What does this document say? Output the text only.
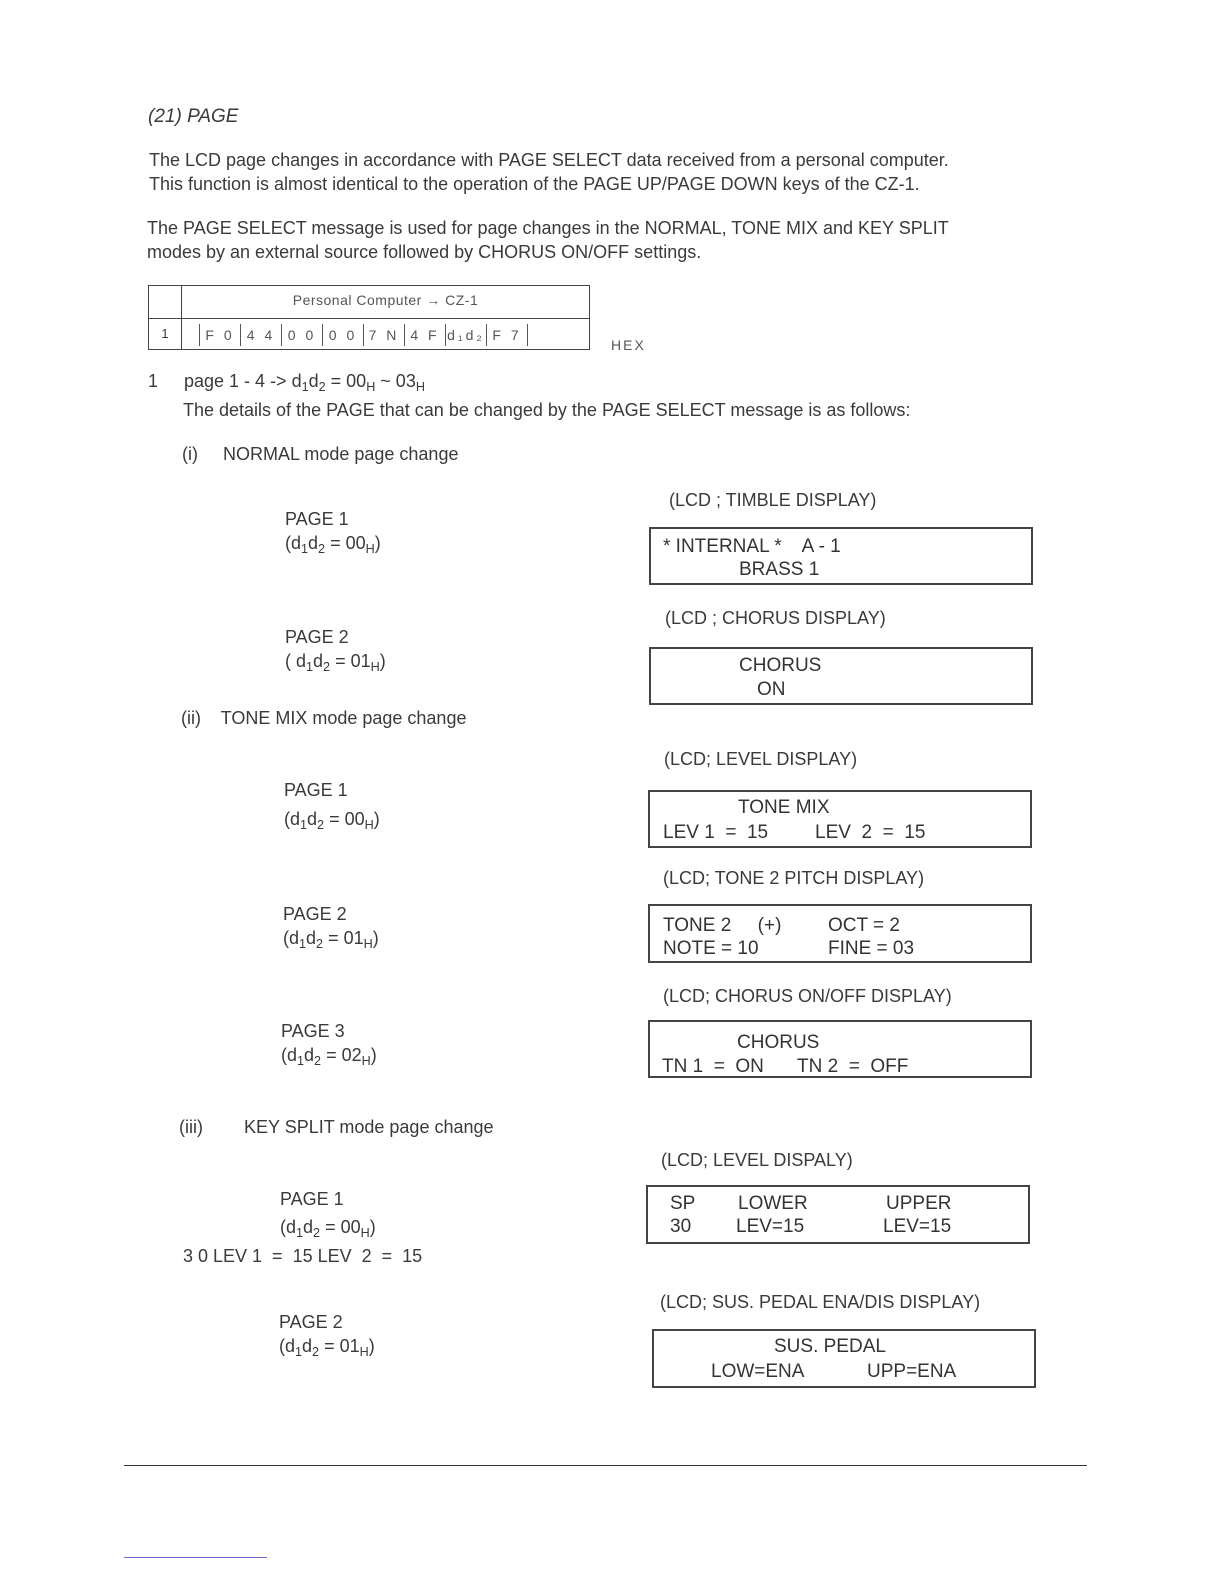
(21) PAGE
The LCD page changes in accordance with PAGE SELECT data received from a personal computer.
This function is almost identical to the operation of the PAGE UP/PAGE DOWN keys of the CZ-1.
The PAGE SELECT message is used for page changes in the NORMAL, TONE MIX and KEY SPLIT
modes by an external source followed by CHORUS ON/OFF settings.
Personal Computer → CZ-1
1	F 0 4 4 0 0 0 0 7 N 4 F d₁d₂ F 7
HEX
1 page $1 - 4 -> d_1d_2 = 00_H$ ~ $03_H$
The details of the PAGE that can be changed by the PAGE SELECT message is as follows:
(i)     NORMAL mode page change
PAGE 1
$(d_1d_2 = 00_H)$
(LCD ; TIMBLE DISPLAY)
* INTERNAL *    A - 1
BRASS 1
PAGE 2
( $d_1d_2 = 01_H$)
(LCD ; CHORUS DISPLAY)
CHORUS
ON
(ii)    TONE MIX mode page change
(LCD; LEVEL DISPLAY)
PAGE 1
$(d_1d_2 = 00_H)$
TONE MIX
LEV 1  =  15 LEV  2  =  15
(LCD; TONE 2 PITCH DISPLAY)
PAGE 2
$(d_1d_2 = 01_H)$
TONE 2     (+) OCT = 2
NOTE = 10	FINE = 03
(LCD; CHORUS ON/OFF DISPLAY)
PAGE 3
$(d_1d_2 = 02_H)$
CHORUS
TN 1  =  ON TN 2  =  OFF
(iii) KEY SPLIT mode page change
(LCD; LEVEL DISPALY)
PAGE 1
$(d_1d_2 = 00_H)$
3 0 LEV 1  =  15 LEV  2  =  15
SP LOWER	UPPER
30 LEV=15	LEV=15
(LCD; SUS. PEDAL ENA/DIS DISPLAY)
PAGE 2
$(d_1d_2 = 01_H)$	SUS. PEDAL
LOW=ENA	UPP=ENA
